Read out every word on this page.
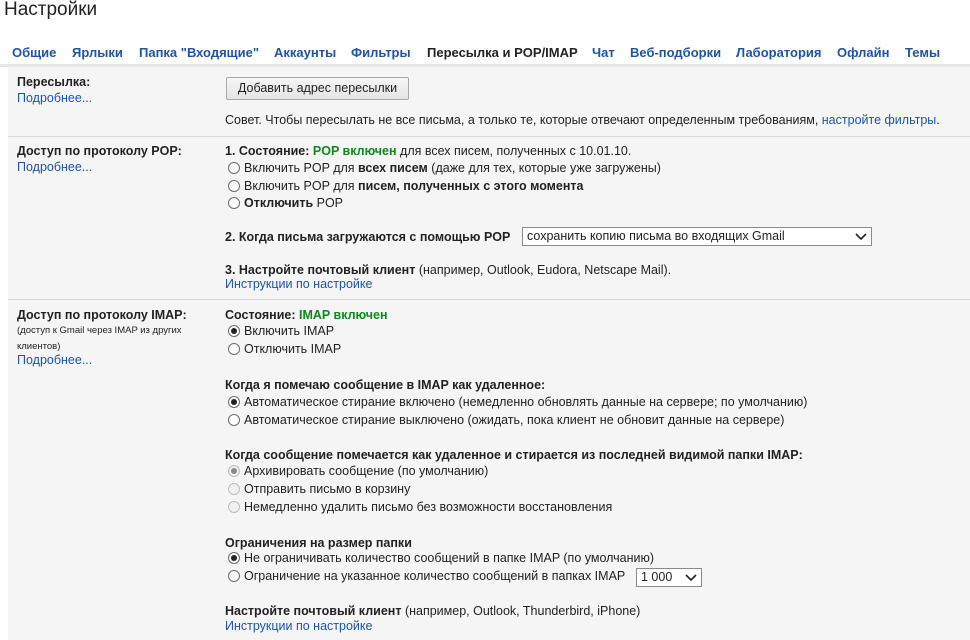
Настройки
Общие Ярлыки Папка "Входящие" Аккаунты Фильтры Пересылка и POP/IMAP Чат Веб-подборки Лаборатория Офлайн Темы
Пересылка:
Подробнее...
Добавить адрес пересылки
Совет. Чтобы пересылать не все письма, а только те, которые отвечают определенным требованиям, настройте фильтры.
Доступ по протоколу POP:
Подробнее...
1. Состояние: POP включен для всех писем, полученных с 10.01.10.
Включить POP для всех писем (даже для тех, которые уже загружены)
Включить POP для писем, полученных с этого момента
Отключить POP
2. Когда письма загружаются с помощью POP	сохранить копию письма во входящих Gmail
3. Настройте почтовый клиент (например, Outlook, Eudora, Netscape Mail).
Инструкции по настройке
Доступ по протоколу IMAP:
(доступ к Gmail через IMAP из других
клиентов)
Подробнее...
Состояние: IMAP включен
Включить IMAP
Отключить IMAP
Когда я помечаю сообщение в IMAP как удаленное:
Автоматическое стирание включено (немедленно обновлять данные на сервере; по умолчанию)
Автоматическое стирание выключено (ожидать, пока клиент не обновит данные на сервере)
Когда сообщение помечается как удаленное и стирается из последней видимой папки IMAP:
Архивировать сообщение (по умолчанию)
Отправить письмо в корзину
Немедленно удалить письмо без возможности восстановления
Ограничения на размер папки
Не ограничивать количество сообщений в папке IMAP (по умолчанию)
Ограничение на указанное количество сообщений в папках IMAP	1 000
Настройте почтовый клиент (например, Outlook, Thunderbird, iPhone)
Инструкции по настройке
